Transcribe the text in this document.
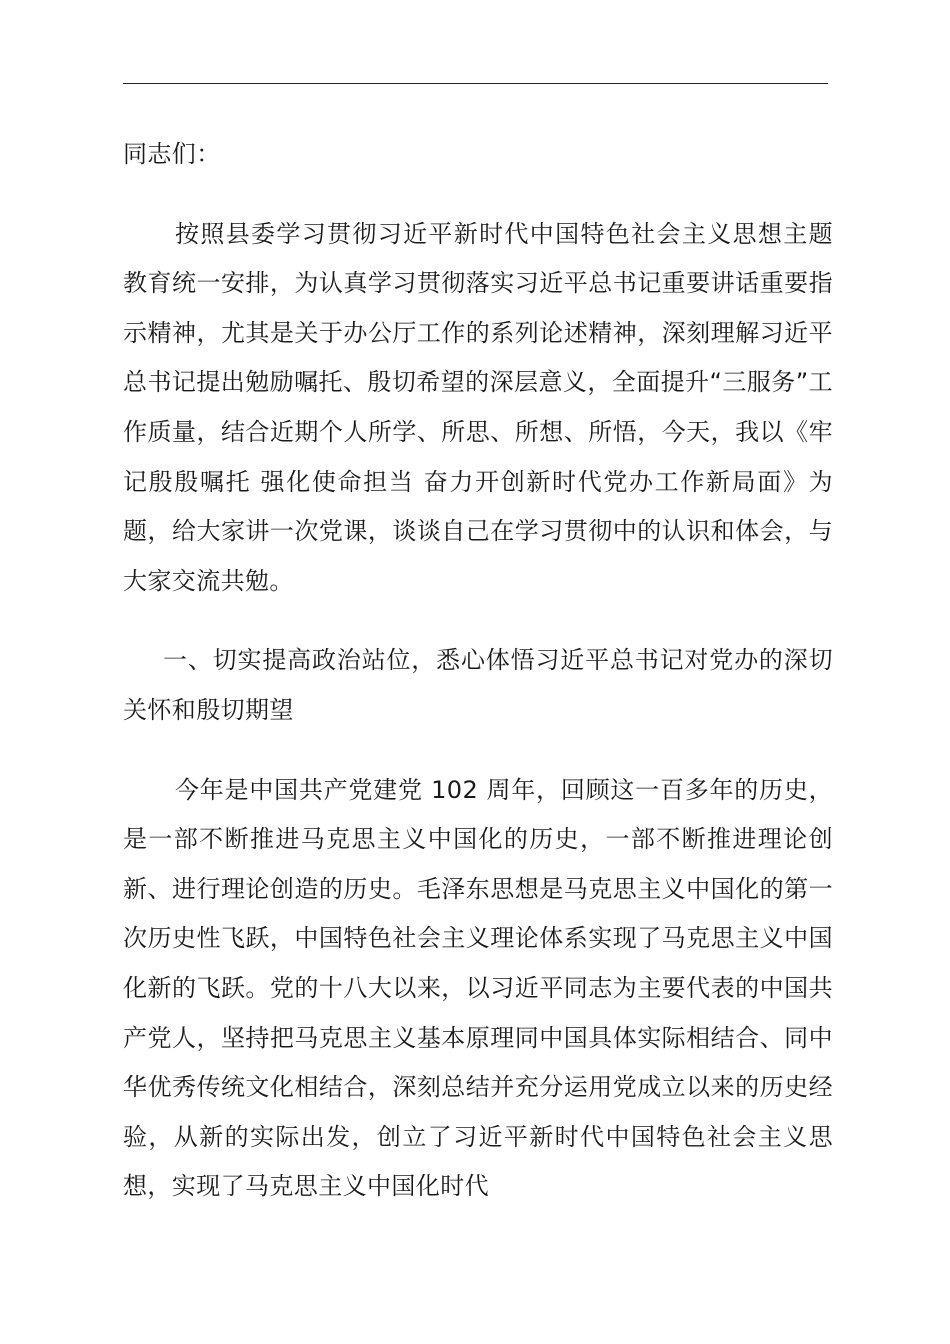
同志们：

按照县委学习贯彻习近平新时代中国特色社会主义思想主题教育统一安排，为认真学习贯彻落实习近平总书记重要讲话重要指示精神，尤其是关于办公厅工作的系列论述精神，深刻理解习近平总书记提出勉励嘱托、殷切希望的深层意义，全面提升“三服务”工作质量，结合近期个人所学、所思、所想、所悟，今天，我以《牢记殷殷嘱托 强化使命担当 奋力开创新时代党办工作新局面》为题，给大家讲一次党课，谈谈自己在学习贯彻中的认识和体会，与大家交流共勉。

一、切实提高政治站位，悉心体悟习近平总书记对党办的深切关怀和殷切期望

今年是中国共产党建党 102 周年，回顾这一百多年的历史，是一部不断推进马克思主义中国化的历史，一部不断推进理论创新、进行理论创造的历史。毛泽东思想是马克思主义中国化的第一次历史性飞跃，中国特色社会主义理论体系实现了马克思主义中国化新的飞跃。党的十八大以来，以习近平同志为主要代表的中国共产党人，坚持把马克思主义基本原理同中国具体实际相结合、同中华优秀传统文化相结合，深刻总结并充分运用党成立以来的历史经验，从新的实际出发，创立了习近平新时代中国特色社会主义思想，实现了马克思主义中国化时代
